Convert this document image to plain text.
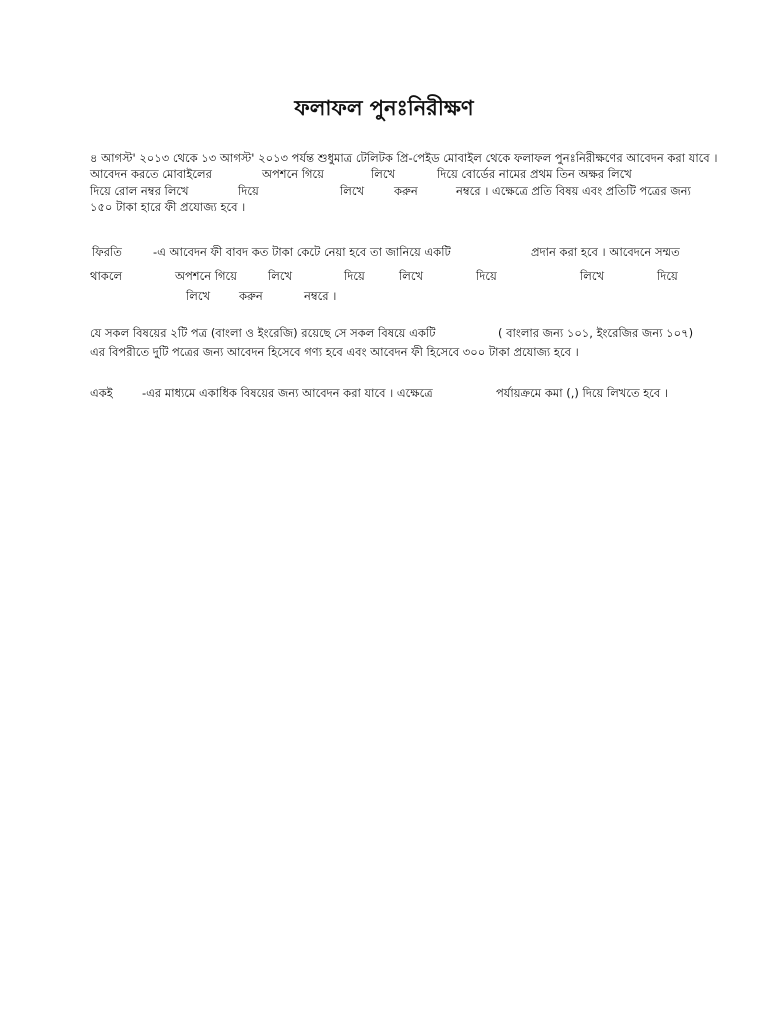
ফলাফল পুনঃনিরীক্ষণ
৪ আগস্ট' ২০১৩ থেকে ১৩ আগস্ট' ২০১৩ পর্যন্ত শুধুমাত্র টেলিটক প্রি-পেইড মোবাইল থেকে ফলাফল পুনঃনিরীক্ষণের আবেদন করা যাবে ।
আবেদন করতে মোবাইলের	অপশনে গিয়ে	লিখে	দিয়ে বোর্ডের নামের প্রথম তিন অক্ষর লিখে
দিয়ে রোল নম্বর লিখে	দিয়ে	লিখে	করুন	নম্বরে । এক্ষেত্রে প্রতি বিষয় এবং প্রতিটি পত্রের জন্য
১৫০ টাকা হারে ফী প্রযোজ্য হবে ।
ফিরতি	-এ আবেদন ফী বাবদ কত টাকা কেটে নেয়া হবে তা জানিয়ে একটি	প্রদান করা হবে । আবেদনে সম্মত
থাকলে	অপশনে গিয়ে	লিখে	দিয়ে	লিখে	দিয়ে	লিখে	দিয়ে
লিখে	করুন	নম্বরে ।
যে সকল বিষয়ের ২টি পত্র (বাংলা ও ইংরেজি) রয়েছে সে সকল বিষয়ে একটি	( বাংলার জন্য ১০১, ইংরেজির জন্য ১০৭)
এর বিপরীতে দুটি পত্রের জন্য আবেদন হিসেবে গণ্য হবে এবং আবেদন ফী হিসেবে ৩০০ টাকা প্রযোজ্য হবে ।
একই	-এর মাধ্যমে একাধিক বিষয়ের জন্য আবেদন করা যাবে । এক্ষেত্রে	পর্যায়ক্রমে কমা (,) দিয়ে লিখতে হবে ।
